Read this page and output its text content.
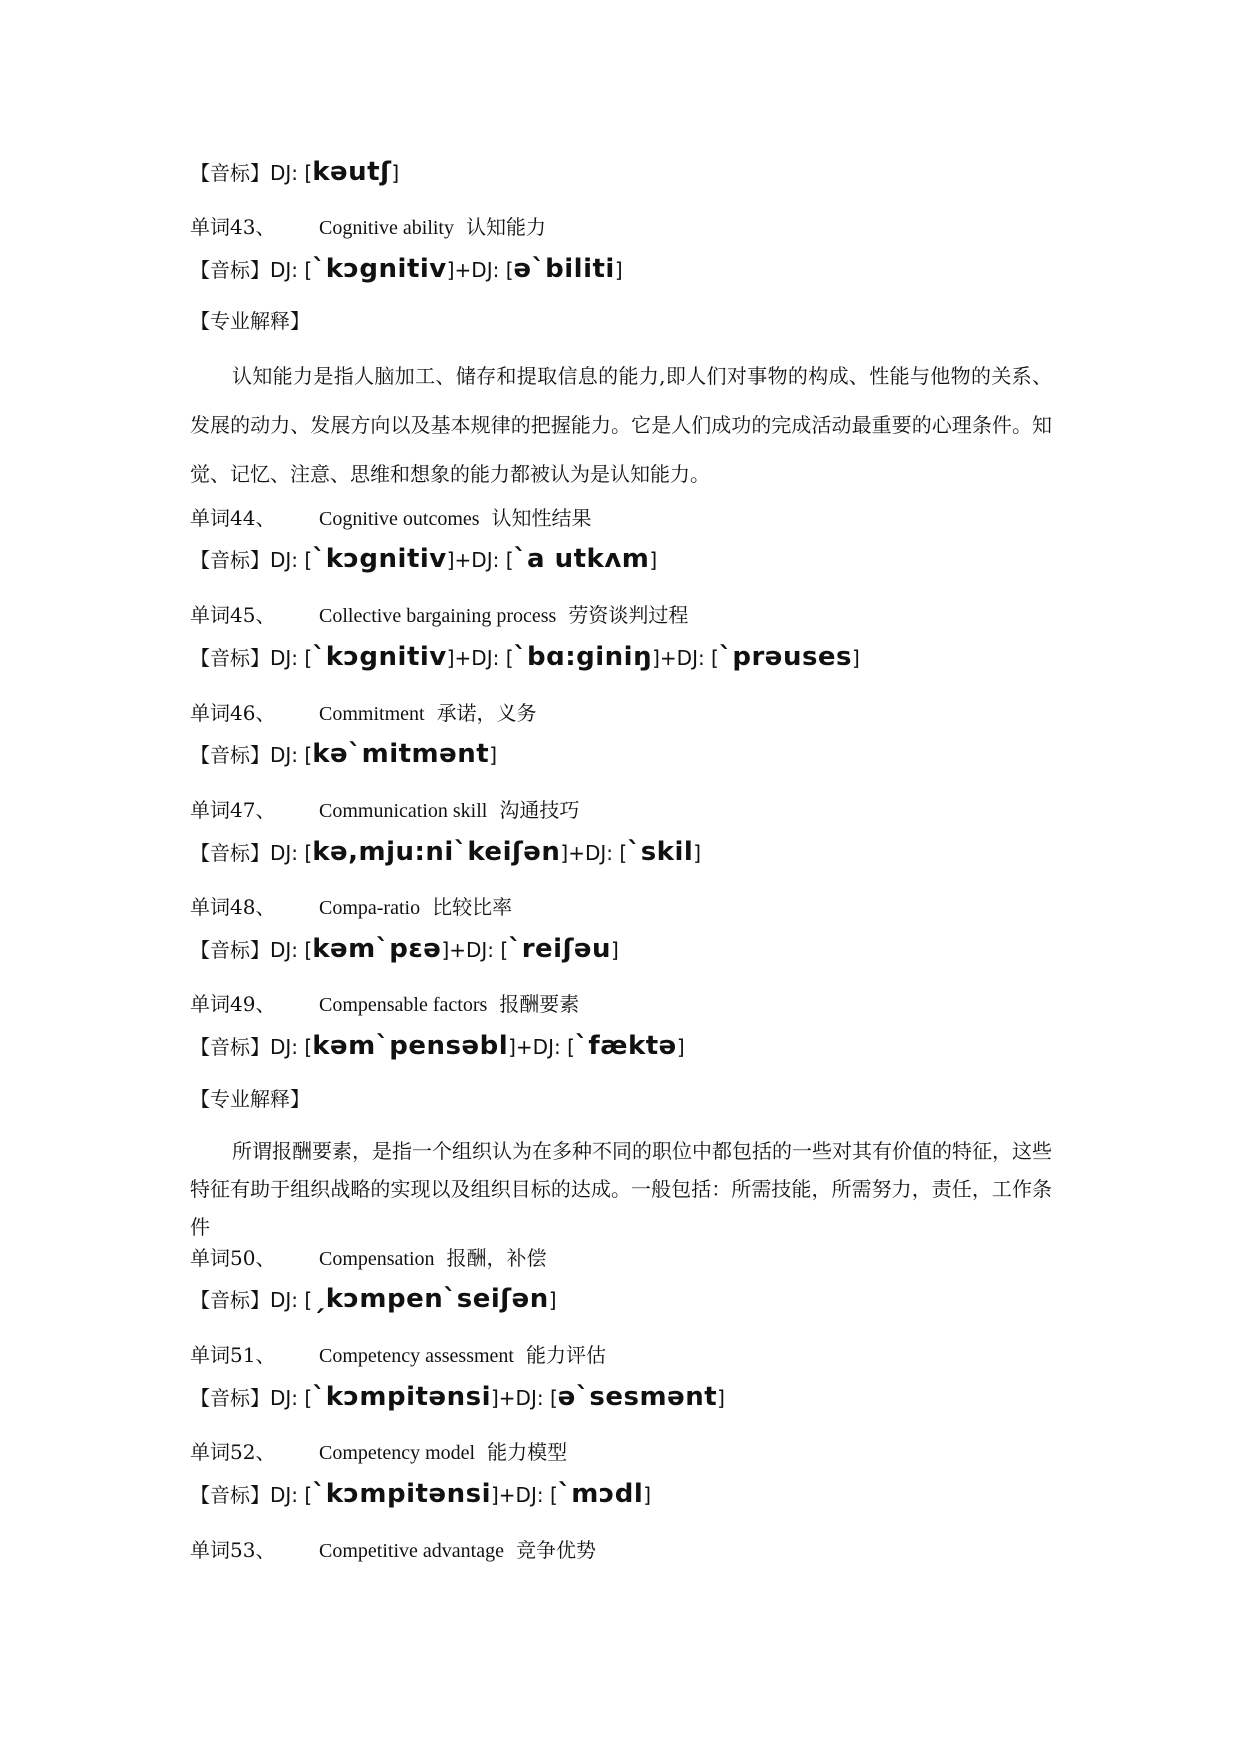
【音标】DJ: [kəutʃ]
单词43、 Cognitive ability 认知能力
【音标】DJ: [`kɔgnitiv]+DJ: [ə`biliti]
【专业解释】

认知能力是指人脑加工、储存和提取信息的能力,即人们对事物的构成、性能与他物的关系、发展的动力、发展方向以及基本规律的把握能力。它是人们成功的完成活动最重要的心理条件。知觉、记忆、注意、思维和想象的能力都被认为是认知能力。

单词44、 Cognitive outcomes 认知性结果
【音标】DJ: [`kɔgnitiv]+DJ: [`a utkʌm]
单词45、 Collective bargaining process 劳资谈判过程
【音标】DJ: [`kɔgnitiv]+DJ: [`bɑ:giniŋ]+DJ: [`prəuses]
单词46、 Commitment 承诺，义务
【音标】DJ: [kə`mitmənt]
单词47、 Communication skill 沟通技巧
【音标】DJ: [kə,mju:ni`keiʃən]+DJ: [`skil]
单词48、 Compa-ratio 比较比率
【音标】DJ: [kəm`pɛə]+DJ: [`reiʃəu]
单词49、 Compensable factors 报酬要素
【音标】DJ: [kəm`pensəbl]+DJ: [`fæktə]
【专业解释】

所谓报酬要素，是指一个组织认为在多种不同的职位中都包括的一些对其有价值的特征，这些特征有助于组织战略的实现以及组织目标的达成。一般包括：所需技能，所需努力，责任，工作条件

单词50、 Compensation 报酬，补偿
【音标】DJ: [ˏkɔmpen`seiʃən]
单词51、 Competency assessment 能力评估
【音标】DJ: [`kɔmpitənsi]+DJ: [ə`sesmənt]
单词52、 Competency model 能力模型
【音标】DJ: [`kɔmpitənsi]+DJ: [`mɔdl]
单词53、 Competitive advantage 竞争优势
